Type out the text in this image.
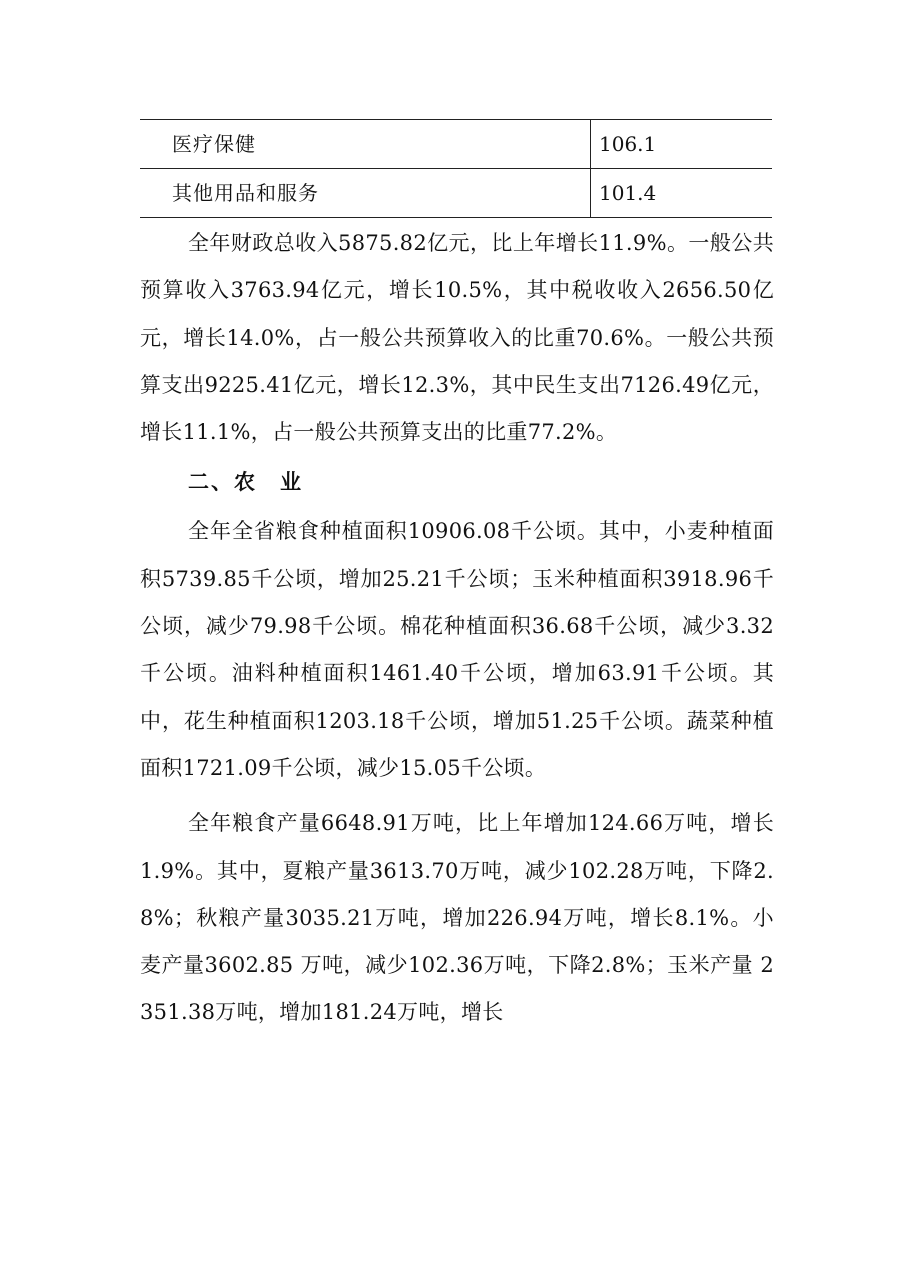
医疗保健	106.1
其他用品和服务	101.4

全年财政总收入5875.82亿元，比上年增长11.9%。一般公共预算收入3763.94亿元，增长10.5%，其中税收收入2656.50亿元，增长14.0%，占一般公共预算收入的比重70.6%。一般公共预算支出9225.41亿元，增长12.3%，其中民生支出7126.49亿元，增长11.1%，占一般公共预算支出的比重77.2%。

二、农　业

全年全省粮食种植面积10906.08千公顷。其中，小麦种植面积5739.85千公顷，增加25.21千公顷；玉米种植面积3918.96千公顷，减少79.98千公顷。棉花种植面积36.68千公顷，减少3.32千公顷。油料种植面积1461.40千公顷，增加63.91千公顷。其中，花生种植面积1203.18千公顷，增加51.25千公顷。蔬菜种植面积1721.09千公顷，减少15.05千公顷。

全年粮食产量6648.91万吨，比上年增加124.66万吨，增长1.9%。其中，夏粮产量3613.70万吨，减少102.28万吨，下降2.8%；秋粮产量3035.21万吨，增加226.94万吨，增长8.1%。小麦产量3602.85 万吨，减少102.36万吨，下降2.8%；玉米产量 2351.38万吨，增加181.24万吨，增长
